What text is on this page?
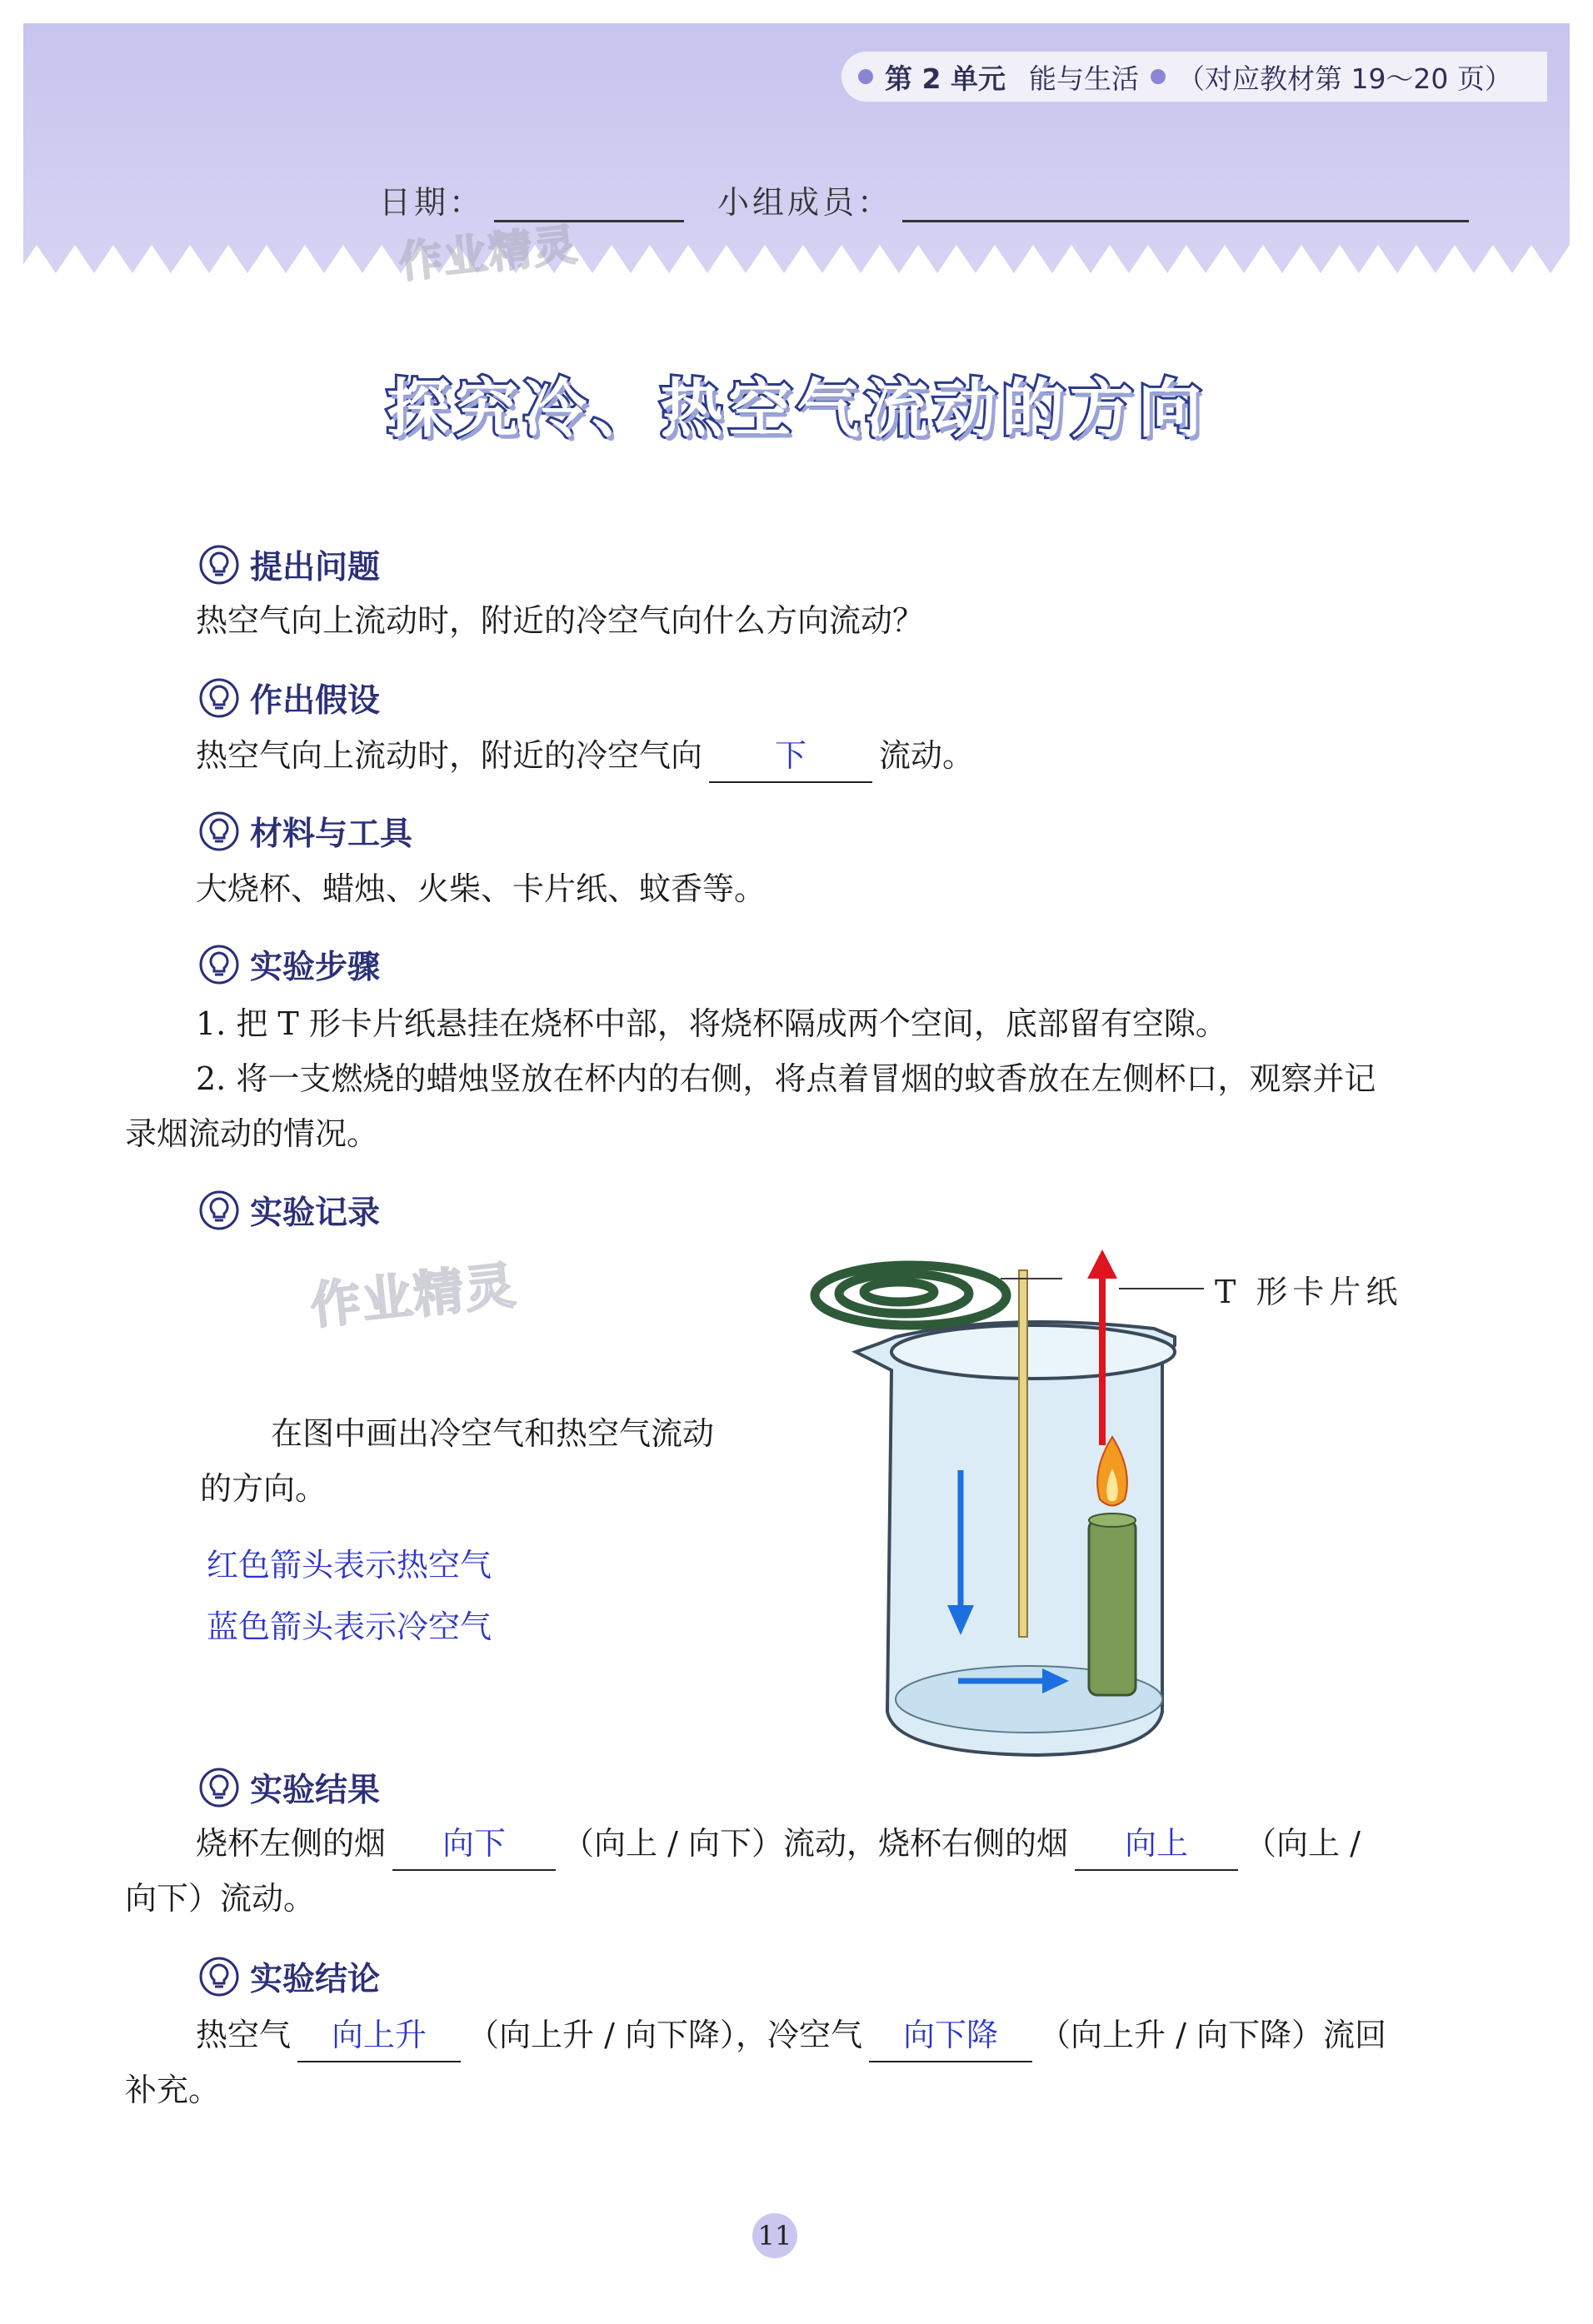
第 2 单元 能与生活 （对应教材第 19～20 页）
日期：	小组成员：
作业精灵
探究冷、热空气流动的方向
提出问题
热空气向上流动时，附近的冷空气向什么方向流动？
作出假设
热空气向上流动时，附近的冷空气向	下	流动。
材料与工具
大烧杯、蜡烛、火柴、卡片纸、蚊香等。
实验步骤
1. 把 T 形卡片纸悬挂在烧杯中部，将烧杯隔成两个空间，底部留有空隙。
2. 将一支燃烧的蜡烛竖放在杯内的右侧，将点着冒烟的蚊香放在左侧杯口，观察并记
录烟流动的情况。
实验记录
作业精灵
在图中画出冷空气和热空气流动
的方向。
红色箭头表示热空气
蓝色箭头表示冷空气
T 形卡片纸
实验结果
烧杯左侧的烟	向下	（向上 / 向下）流动，烧杯右侧的烟	向上	（向上 /
向下）流动。
实验结论
热空气	向上升	（向上升 / 向下降），冷空气	向下降	（向上升 / 向下降）流回
补充。
11
